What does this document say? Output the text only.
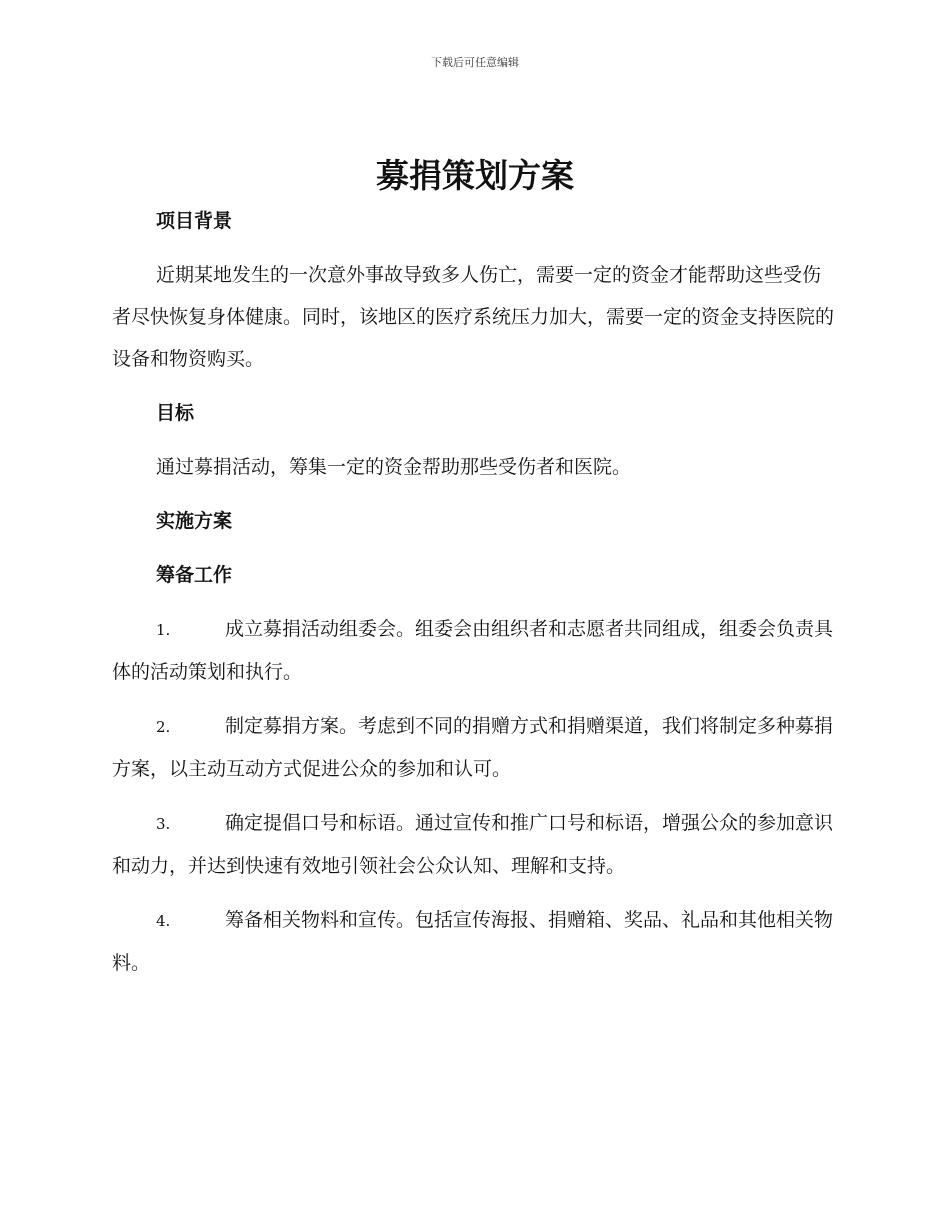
下载后可任意编辑
募捐策划方案

项目背景

近期某地发生的一次意外事故导致多人伤亡，需要一定的资金才能帮助这些受伤者尽快恢复身体健康。同时，该地区的医疗系统压力加大，需要一定的资金支持医院的设备和物资购买。

目标

通过募捐活动，筹集一定的资金帮助那些受伤者和医院。

实施方案

筹备工作

1.	成立募捐活动组委会。组委会由组织者和志愿者共同组成，组委会负责具体的活动策划和执行。

2.	制定募捐方案。考虑到不同的捐赠方式和捐赠渠道，我们将制定多种募捐方案，以主动互动方式促进公众的参加和认可。

3.	确定提倡口号和标语。通过宣传和推广口号和标语，增强公众的参加意识和动力，并达到快速有效地引领社会公众认知、理解和支持。

4.	筹备相关物料和宣传。包括宣传海报、捐赠箱、奖品、礼品和其他相关物料。
